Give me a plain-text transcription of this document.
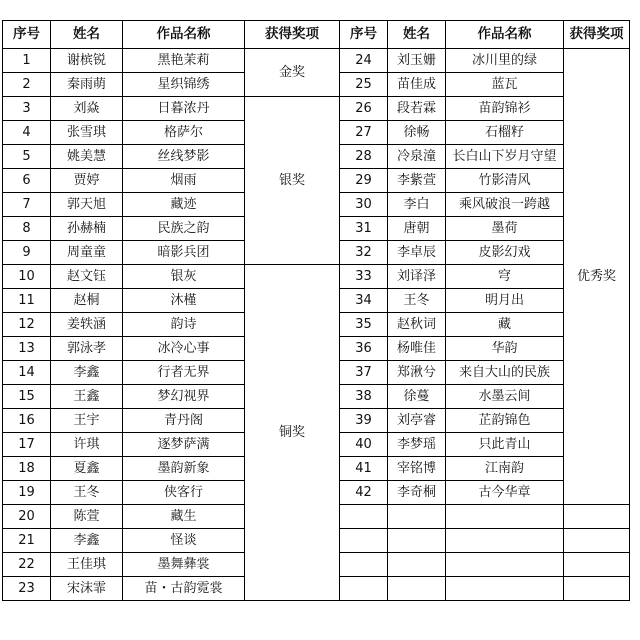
序号	姓名	作品名称	获得奖项	序号	姓名	作品名称	获得奖项
1	谢槟锐	黑艳茉莉	金奖	24	刘玉姗	冰川里的绿	优秀奖
2	秦雨萌	星织锦绣		25	苗佳成	蓝瓦	
3	刘焱	日暮浓丹	银奖	26	段若霖	苗韵锦衫	
4	张雪琪	格萨尔		27	徐畅	石榴籽	
5	姚美慧	丝线梦影		28	冷泉潼	长白山下岁月守望	
6	贾婷	烟雨		29	李紫萱	竹影清风	
7	郭天旭	藏迹		30	李白	乘风破浪一跨越	
8	孙赫楠	民族之韵		31	唐朝	墨荷	
9	周童童	暗影兵团		32	李卓辰	皮影幻戏	
10	赵文钰	银灰	铜奖	33	刘译泽	穹	
11	赵桐	沐槿		34	王冬	明月出	
12	姜轶涵	韵诗		35	赵秋词	藏	
13	郭泳孝	冰冷心事		36	杨唯佳	华韵	
14	李鑫	行者无界		37	郑湫兮	来自大山的民族	
15	王鑫	梦幻视界		38	徐蔓	水墨云间	
16	王宇	青丹阁		39	刘亭睿	芷韵锦色	
17	许琪	逐梦萨满		40	李梦瑶	只此青山	
18	夏鑫	墨韵新象		41	宰铭博	江南韵	
19	王冬	侠客行		42	李奇桐	古今华章	
20	陈萱	藏生					
21	李鑫	怪谈					
22	王佳琪	墨舞彝裳					
23	宋沫霏	苗・古韵霓裳					
